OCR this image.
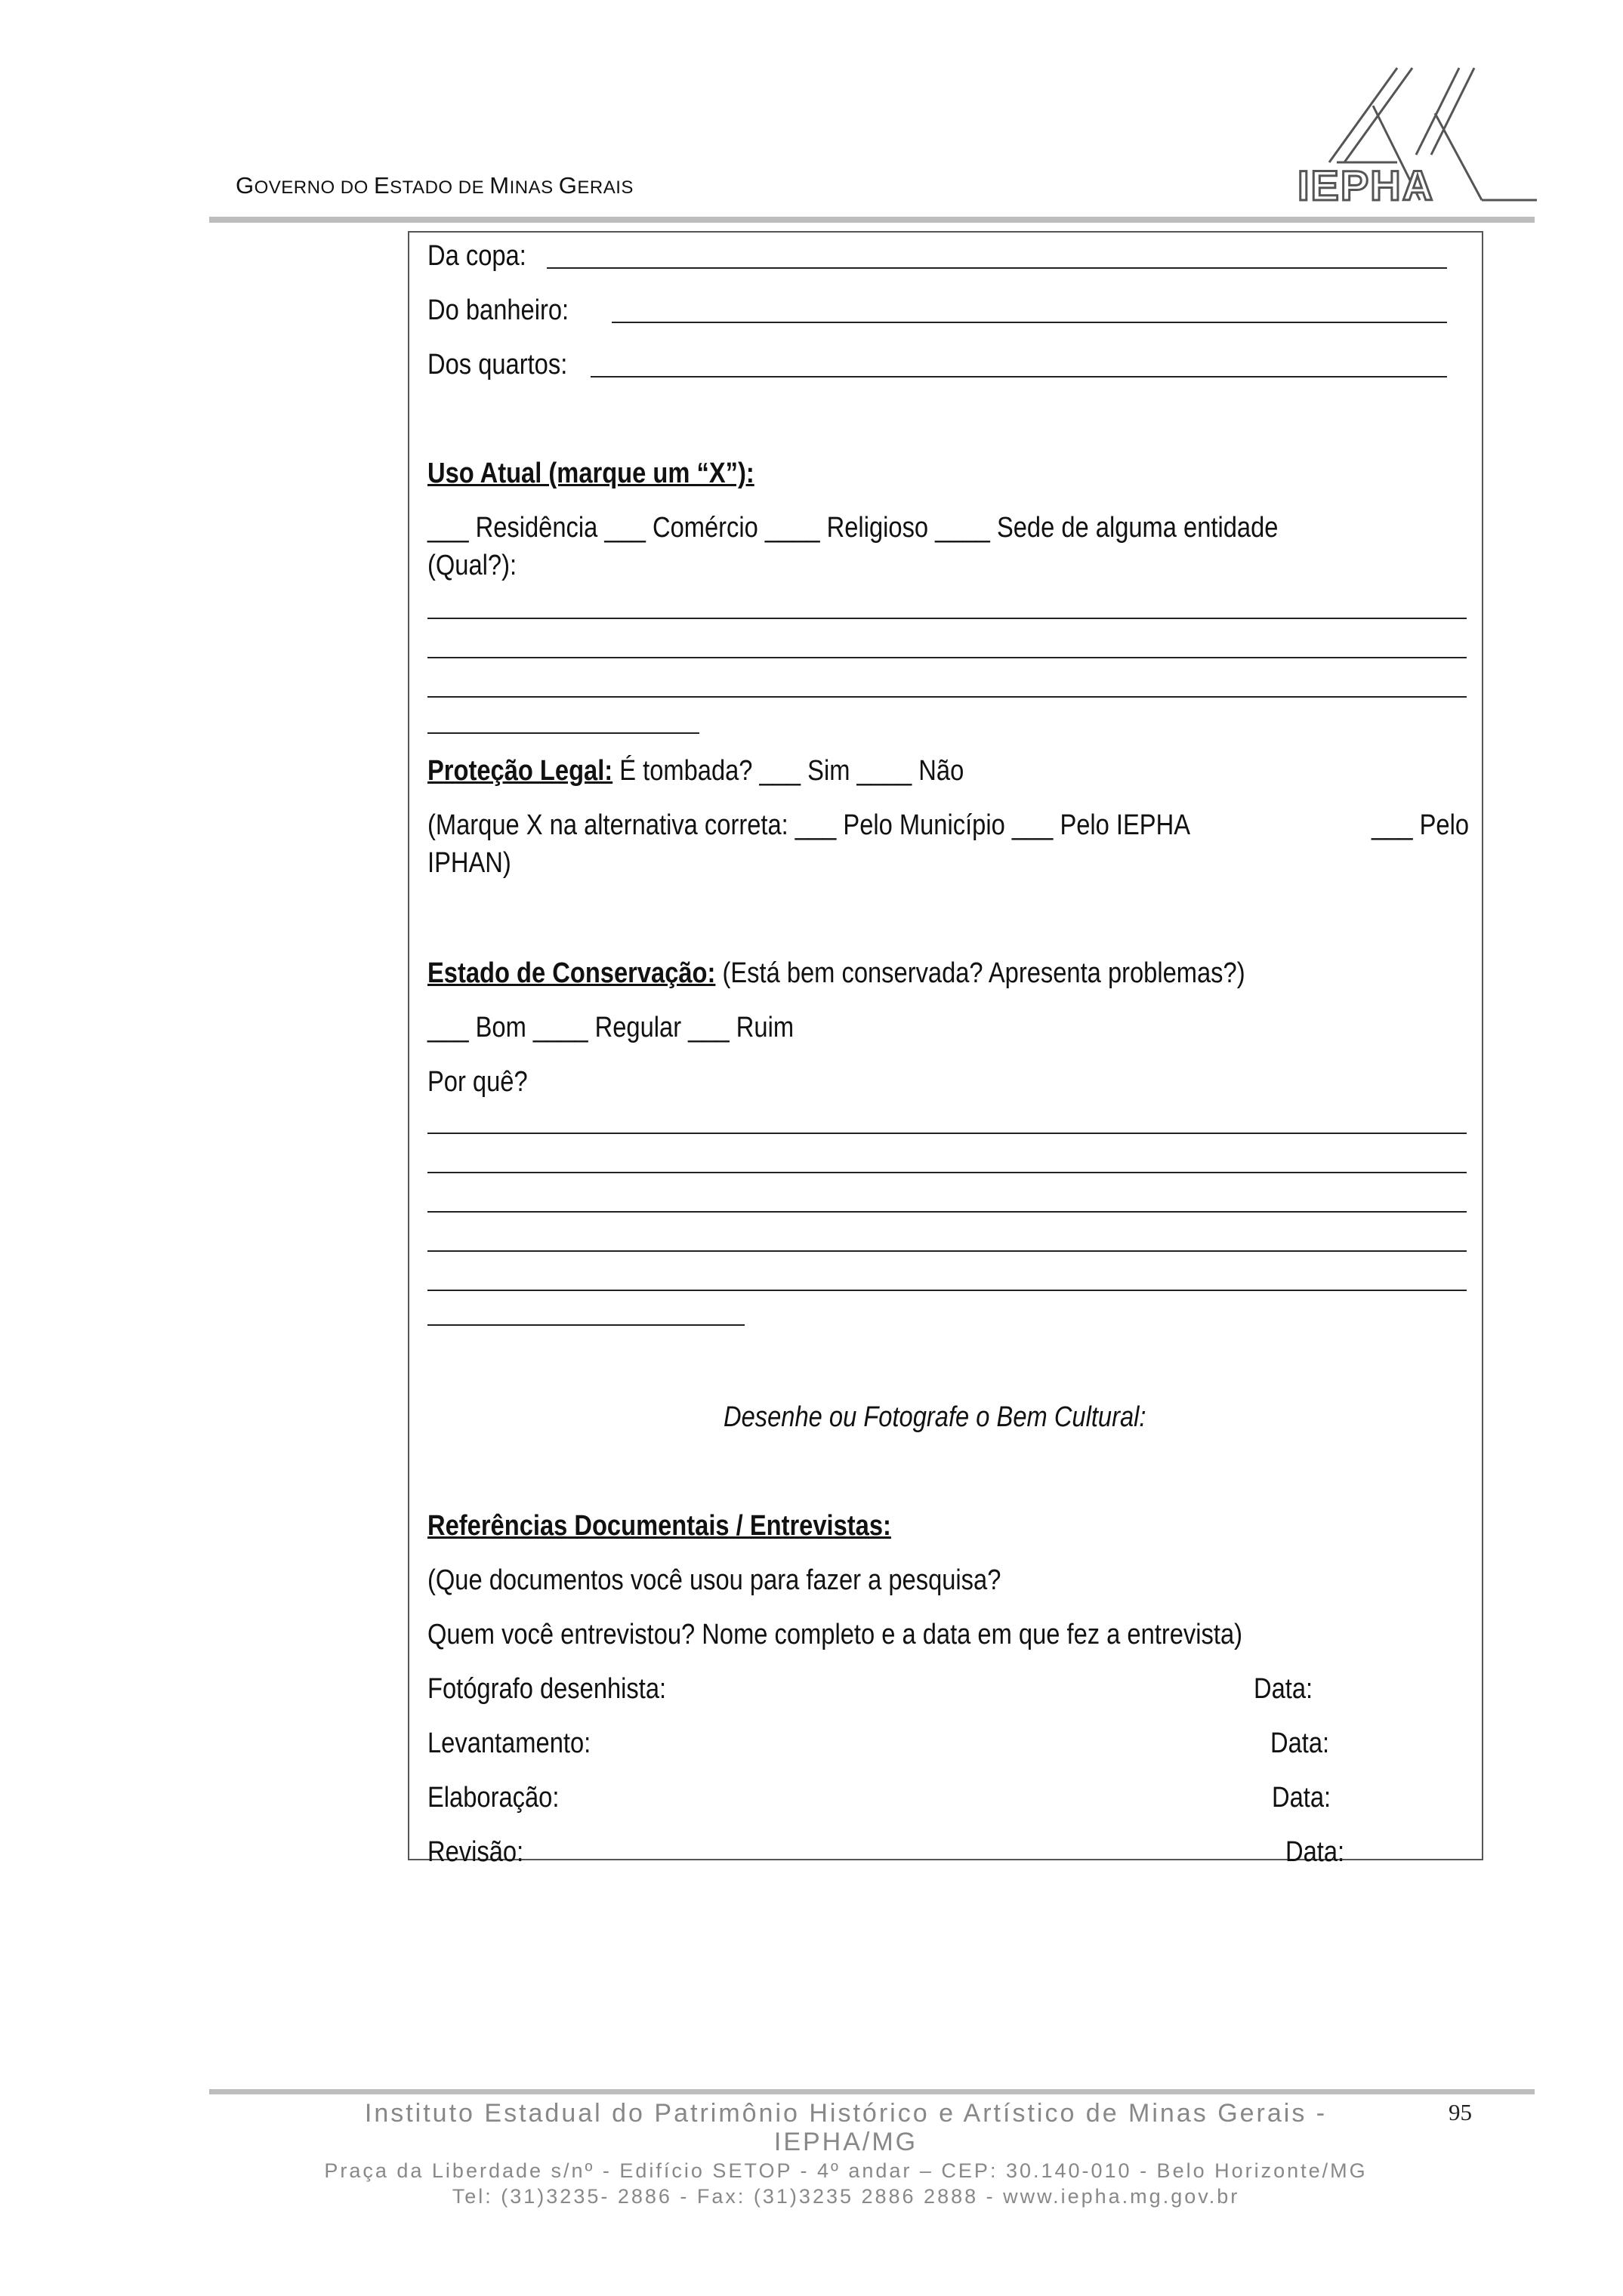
GOVERNO DO ESTADO DE MINAS GERAIS	IEPHA
Da copa:
Do banheiro:
Dos quartos:
Uso Atual (marque um “X”):
___ Residência ___ Comércio ____ Religioso ____ Sede de alguma entidade
(Qual?):
Proteção Legal: É tombada? ___ Sim ____ Não
(Marque X na alternativa correta: ___ Pelo Município ___ Pelo IEPHA	___ Pelo
IPHAN)
Estado de Conservação: (Está bem conservada? Apresenta problemas?)
___ Bom ____ Regular ___ Ruim
Por quê?
Desenhe ou Fotografe o Bem Cultural:
Referências Documentais / Entrevistas:
(Que documentos você usou para fazer a pesquisa?
Quem você entrevistou? Nome completo e a data em que fez a entrevista)
Fotógrafo desenhista:	Data:
Levantamento:	Data:
Elaboração:	Data:
Revisão:	Data:
Instituto Estadual do Patrimônio Histórico e Artístico de Minas Gerais -	95
IEPHA/MG
Praça da Liberdade s/nº - Edifício SETOP - 4º andar – CEP: 30.140-010 - Belo Horizonte/MG
Tel: (31)3235- 2886 - Fax: (31)3235 2886 2888 - www.iepha.mg.gov.br
